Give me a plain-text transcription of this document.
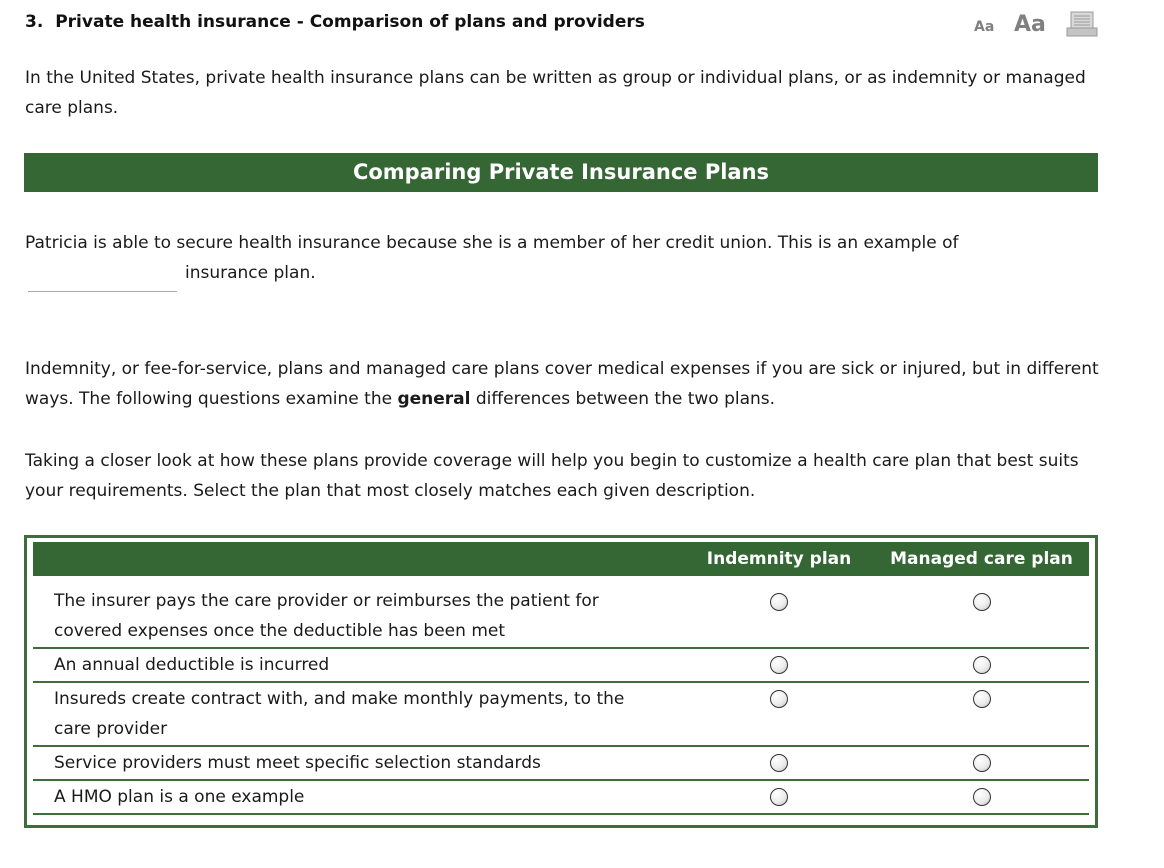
3. Private health insurance - Comparison of plans and providers	Aa Aa
In the United States, private health insurance plans can be written as group or individual plans, or as indemnity or managed care plans.
Comparing Private Insurance Plans
Patricia is able to secure health insurance because she is a member of her credit union. This is an example of
insurance plan.
Indemnity, or fee-for-service, plans and managed care plans cover medical expenses if you are sick or injured, but in different ways. The following questions examine the general differences between the two plans.
Taking a closer look at how these plans provide coverage will help you begin to customize a health care plan that best suits your requirements. Select the plan that most closely matches each given description.
	Indemnity plan	Managed care plan
The insurer pays the care provider or reimburses the patient for covered expenses once the deductible has been met		
An annual deductible is incurred		
Insureds create contract with, and make monthly payments, to the care provider		
Service providers must meet specific selection standards		
A HMO plan is a one example		
